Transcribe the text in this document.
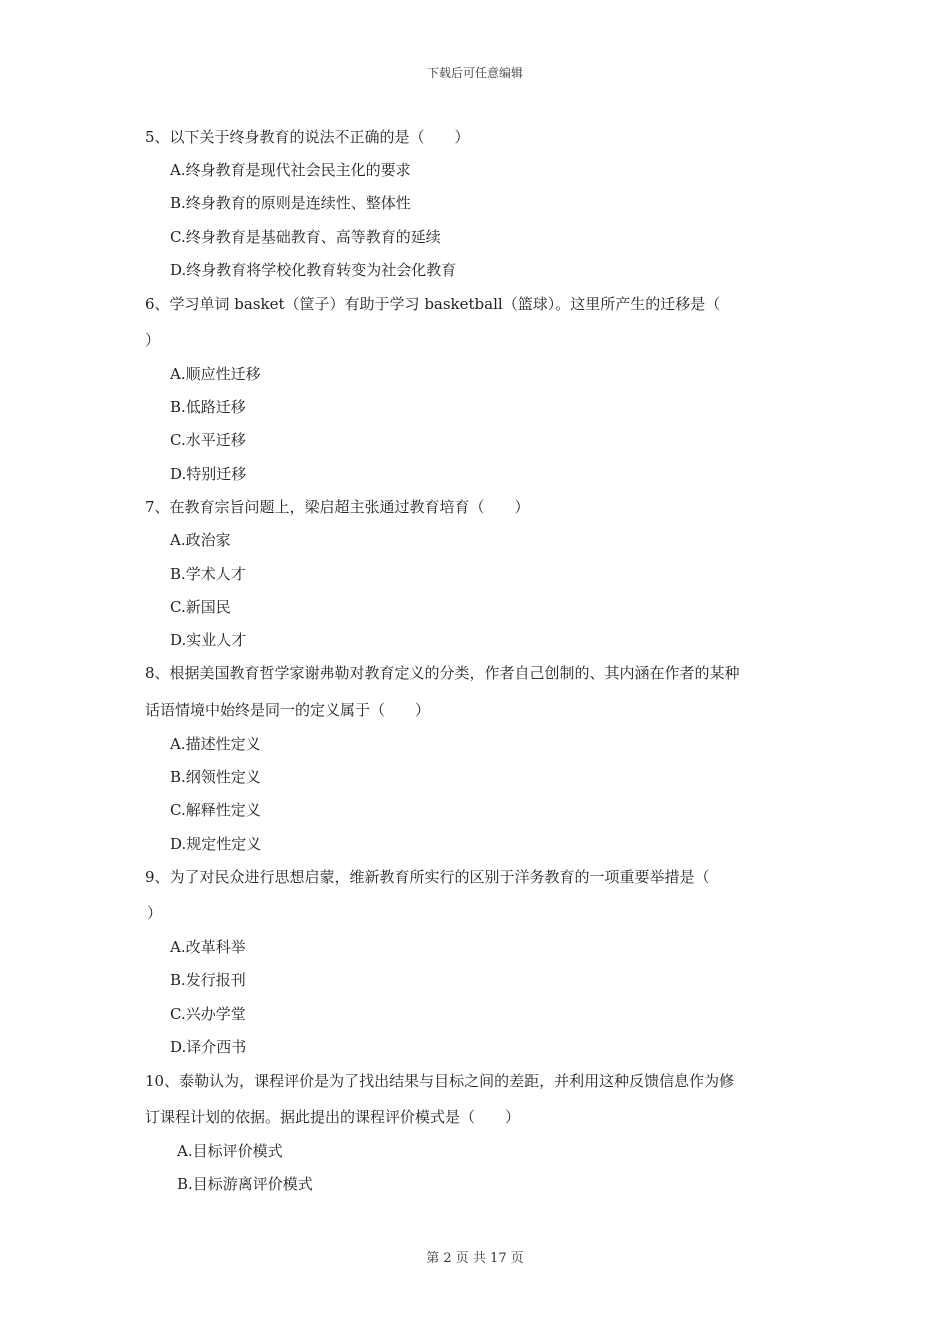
下载后可任意编辑
5、以下关于终身教育的说法不正确的是（　　）
A.终身教育是现代社会民主化的要求
B.终身教育的原则是连续性、整体性
C.终身教育是基础教育、高等教育的延续
D.终身教育将学校化教育转变为社会化教育
6、学习单词 basket（筐子）有助于学习 basketball（篮球）。这里所产生的迁移是（
）
A.顺应性迁移
B.低路迁移
C.水平迁移
D.特别迁移
7、在教育宗旨问题上，梁启超主张通过教育培育（　　）
A.政治家
B.学术人才
C.新国民
D.实业人才
8、根据美国教育哲学家谢弗勒对教育定义的分类，作者自己创制的、其内涵在作者的某种
话语情境中始终是同一的定义属于（　　）
A.描述性定义
B.纲领性定义
C.解释性定义
D.规定性定义
9、为了对民众进行思想启蒙，维新教育所实行的区别于洋务教育的一项重要举措是（
）
A.改革科举
B.发行报刊
C.兴办学堂
D.译介西书
10、泰勒认为，课程评价是为了找出结果与目标之间的差距，并利用这种反馈信息作为修
订课程计划的依据。据此提出的课程评价模式是（　　）
A.目标评价模式
B.目标游离评价模式
第 2 页 共 17 页
